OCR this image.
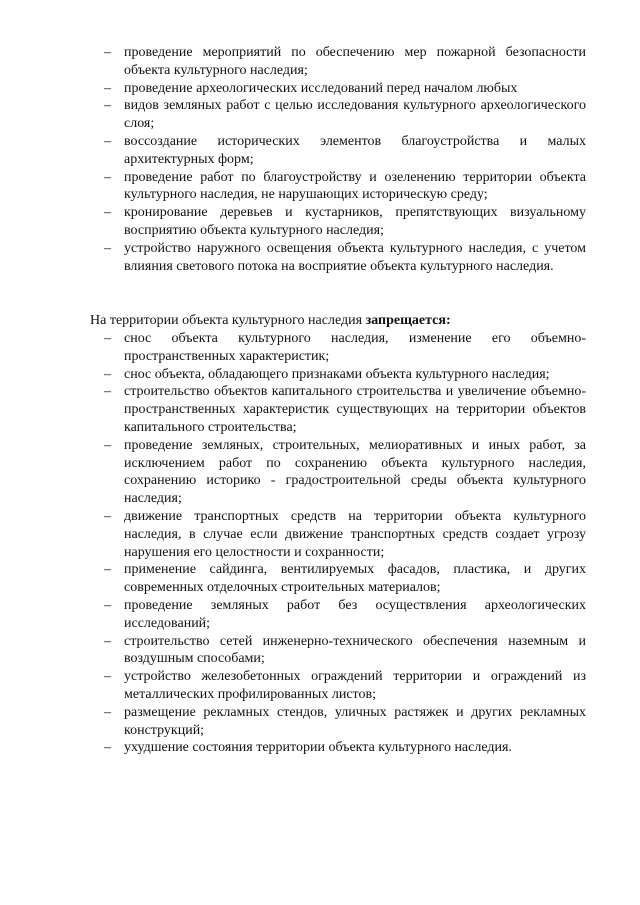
– проведение мероприятий по обеспечению мер пожарной безопасности объекта культурного наследия;
– проведение археологических исследований перед началом любых
– видов земляных работ с целью исследования культурного археологического слоя;
– воссоздание исторических элементов благоустройства и малых архитектурных форм;
– проведение работ по благоустройству и озеленению территории объекта культурного наследия, не нарушающих историческую среду;
– кронирование деревьев и кустарников, препятствующих визуальному восприятию объекта культурного наследия;
– устройство наружного освещения объекта культурного наследия, с учетом влияния светового потока на восприятие объекта культурного наследия.

На территории объекта культурного наследия запрещается:

– снос объекта культурного наследия, изменение его объемно-пространственных характеристик;
– снос объекта, обладающего признаками объекта культурного наследия;
– строительство объектов капитального строительства и увеличение объемно-пространственных характеристик существующих на территории объектов капитального строительства;
– проведение земляных, строительных, мелиоративных и иных работ, за исключением работ по сохранению объекта культурного наследия, сохранению историко - градостроительной среды объекта культурного наследия;
– движение транспортных средств на территории объекта культурного наследия, в случае если движение транспортных средств создает угрозу нарушения его целостности и сохранности;
– применение сайдинга, вентилируемых фасадов, пластика, и других современных отделочных строительных материалов;
– проведение земляных работ без осуществления археологических исследований;
– строительство сетей инженерно-технического обеспечения наземным и воздушным способами;
– устройство железобетонных ограждений территории и ограждений из металлических профилированных листов;
– размещение рекламных стендов, уличных растяжек и других рекламных конструкций;
– ухудшение состояния территории объекта культурного наследия.
